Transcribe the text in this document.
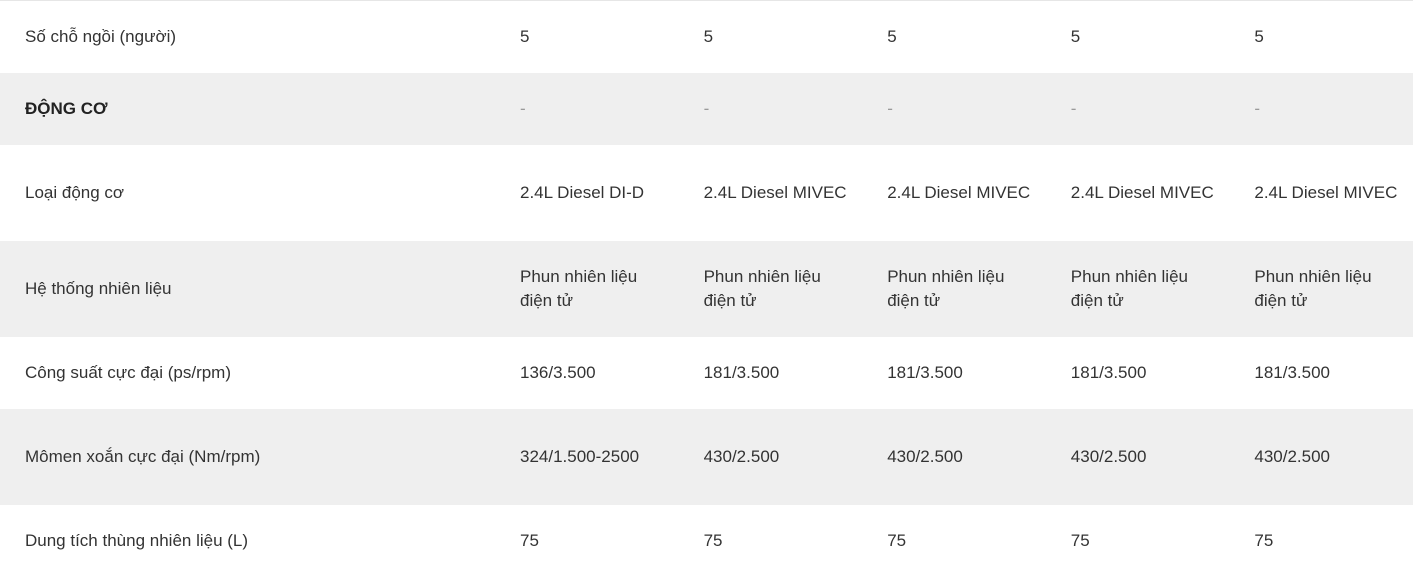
Số chỗ ngồi (người)	5	5	5	5	5
ĐỘNG CƠ	-	-	-	-	-
Loại động cơ	2.4L Diesel DI-D	2.4L Diesel MIVEC	2.4L Diesel MIVEC	2.4L Diesel MIVEC	2.4L Diesel MIVEC
Hệ thống nhiên liệu	Phun nhiên liệu điện tử	Phun nhiên liệu điện tử	Phun nhiên liệu điện tử	Phun nhiên liệu điện tử	Phun nhiên liệu điện tử
Công suất cực đại (ps/rpm)	136/3.500	181/3.500	181/3.500	181/3.500	181/3.500
Mômen xoắn cực đại (Nm/rpm)	324/1.500-2500	430/2.500	430/2.500	430/2.500	430/2.500
Dung tích thùng nhiên liệu (L)	75	75	75	75	75
